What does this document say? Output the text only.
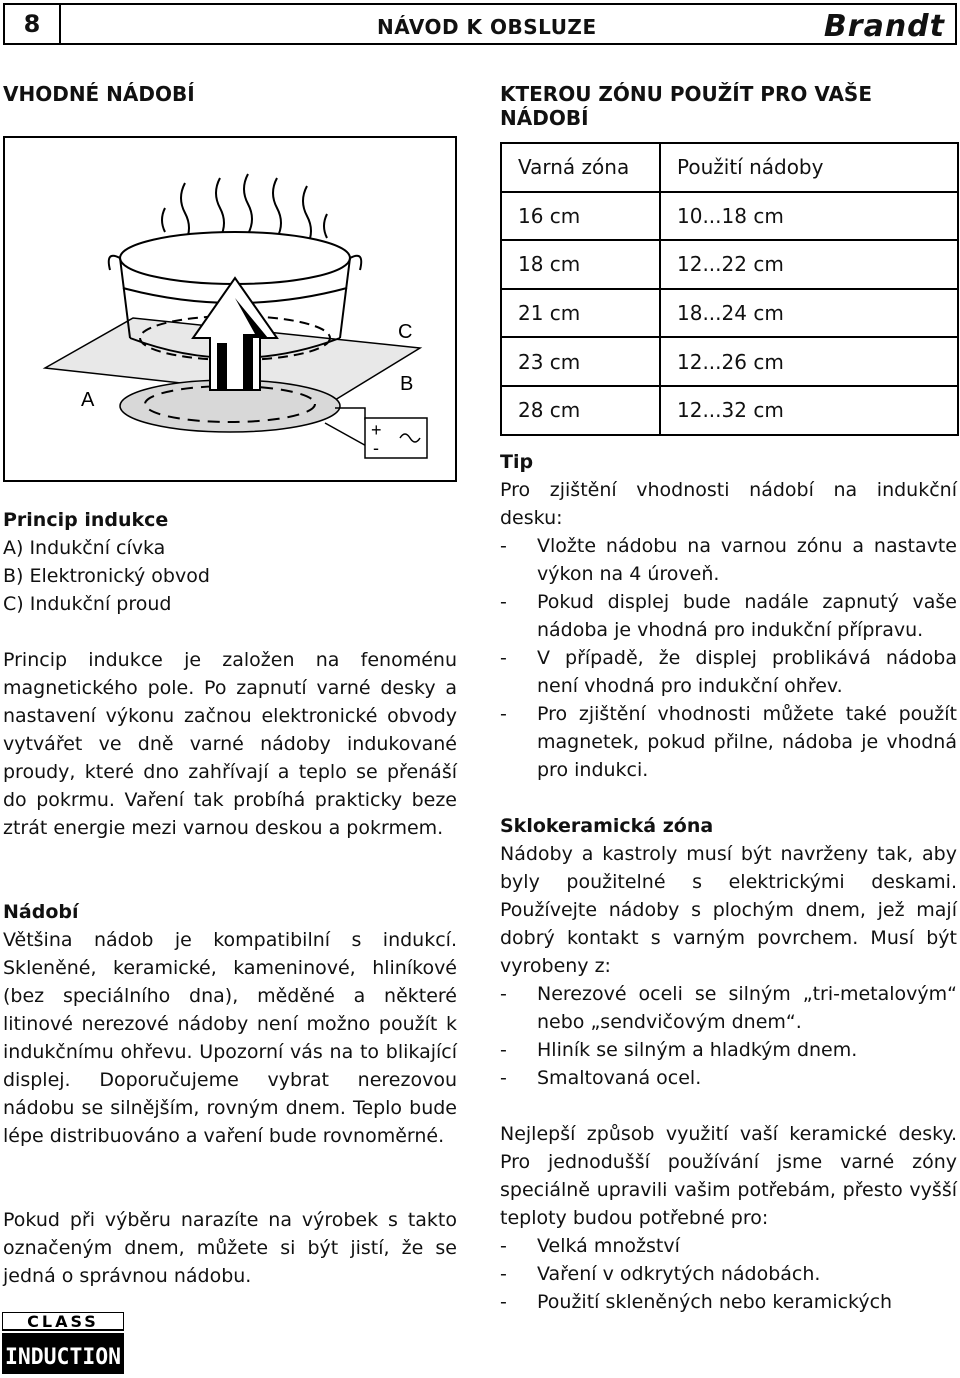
8	NÁVOD K OBSLUZE	Brandt
VHODNÉ NÁDOBÍ
A
B
C
+
-

Princip indukce

A) Indukční cívka

B) Elektronický obvod

C) Indukční proud

Princip indukce je založen na fenoménu magnetického pole. Po zapnutí varné desky a nastavení výkonu začnou elektronické obvody vytvářet ve dně varné nádoby indukované proudy, které dno zahřívají a teplo se přenáší do pokrmu. Vaření tak probíhá prakticky beze ztrát energie mezi varnou deskou a pokrmem.

Nádobí

Většina nádob je kompatibilní s indukcí. Skleněné, keramické, kameninové, hliníkové (bez speciálního dna), měděné a některé litinové nerezové nádoby není možno použít k indukčnímu ohřevu. Upozorní vás na to blikající displej. Doporučujeme vybrat nerezovou nádobu se silnějším, rovným dnem. Teplo bude lépe distribuováno a vaření bude rovnoměrné.

Pokud při výběru narazíte na výrobek s takto označeným dnem, můžete si být jistí, že se jedná o správnou nádobu.
CLASS
INDUCTION
KTEROU ZÓNU POUŽÍT PRO VAŠE NÁDOBÍ
Varná zóna	Použití nádoby
16 cm	10...18 cm
18 cm	12...22 cm
21 cm	18...24 cm
23 cm	12...26 cm
28 cm	12...32 cm

Tip

Pro zjištění vhodnosti nádobí na indukční desku:

- Vložte nádobu na varnou zónu a nastavte výkon na 4 úroveň.
- Pokud displej bude nadále zapnutý vaše nádoba je vhodná pro indukční přípravu.
- V případě, že displej problikává nádoba není vhodná pro indukční ohřev.
- Pro zjištění vhodnosti můžete také použít magnetek, pokud přilne, nádoba je vhodná pro indukci.

Sklokeramická zóna

Nádoby a kastroly musí být navrženy tak, aby byly použitelné s elektrickými deskami. Používejte nádoby s plochým dnem, jež mají dobrý kontakt s varným povrchem. Musí být vyrobeny z:

- Nerezové oceli se silným „tri-metalovým“ nebo „sendvičovým dnem“.
- Hliník se silným a hladkým dnem.
- Smaltovaná ocel.

Nejlepší způsob využití vaší keramické desky. Pro jednodušší používání jsme varné zóny speciálně upravili vašim potřebám, přesto vyšší teploty budou potřebné pro:

- Velká množství
- Vaření v odkrytých nádobách.
- Použití skleněných nebo keramických
